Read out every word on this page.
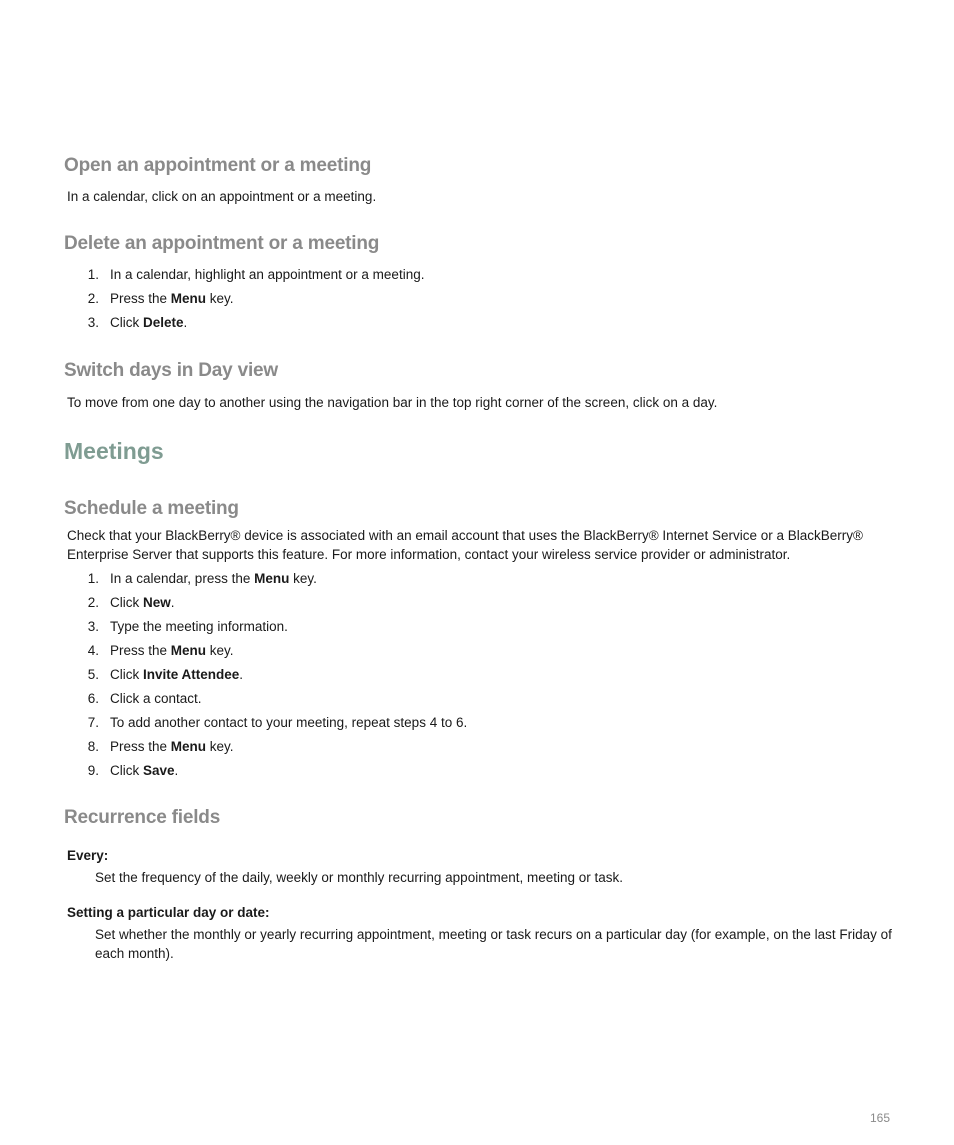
Open an appointment or a meeting

In a calendar, click on an appointment or a meeting.

Delete an appointment or a meeting
1. In a calendar, highlight an appointment or a meeting.
2. Press the Menu key.
3. Click Delete.
Switch days in Day view

To move from one day to another using the navigation bar in the top right corner of the screen, click on a day.

Meetings
Schedule a meeting

Check that your BlackBerry® device is associated with an email account that uses the BlackBerry® Internet Service or a BlackBerry® Enterprise Server that supports this feature. For more information, contact your wireless service provider or administrator.

1. In a calendar, press the Menu key.
2. Click New.
3. Type the meeting information.
4. Press the Menu key.
5. Click Invite Attendee.
6. Click a contact.
7. To add another contact to your meeting, repeat steps 4 to 6.
8. Press the Menu key.
9. Click Save.
Recurrence fields
Every:

Set the frequency of the daily, weekly or monthly recurring appointment, meeting or task.

Setting a particular day or date:

Set whether the monthly or yearly recurring appointment, meeting or task recurs on a particular day (for example, on the last Friday of each month).

165
